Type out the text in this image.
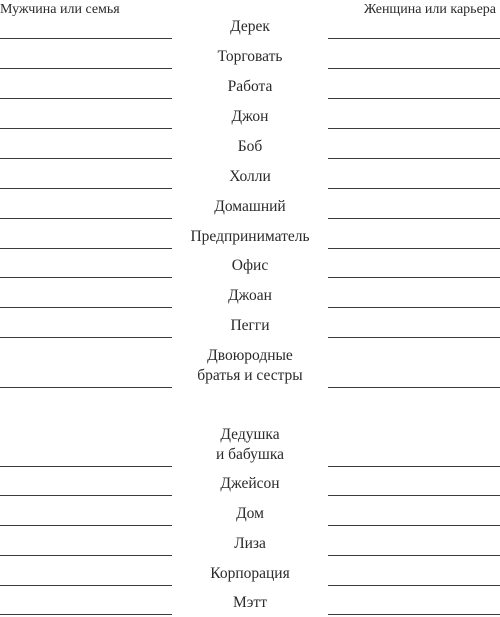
Мужчина или семья	Женщина или карьера
Дерек
Торговать
Работа
Джон
Боб
Холли
Домашний
Предприниматель
Офис
Джоан
Пегги
Двоюродные
братья и сестры
Дедушка
и бабушка
Джейсон
Дом
Лиза
Корпорация
Мэтт
